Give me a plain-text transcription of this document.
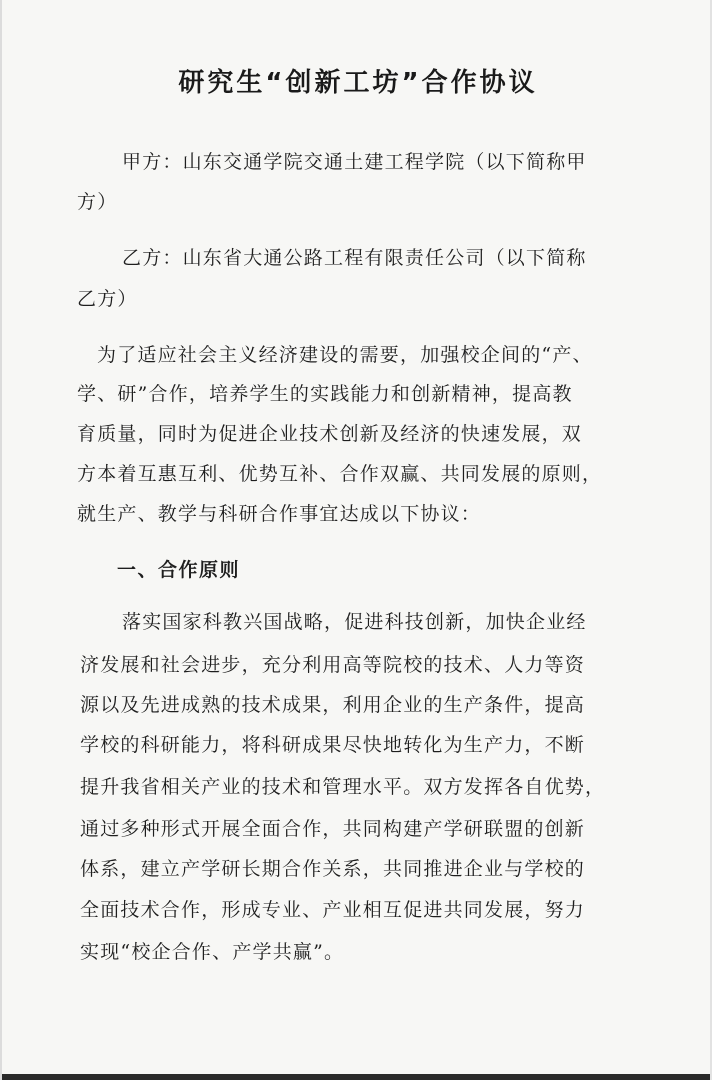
研究生“创新工坊”合作协议
甲方：山东交通学院交通土建工程学院（以下简称甲
方）
乙方：山东省大通公路工程有限责任公司（以下简称
乙方）
为了适应社会主义经济建设的需要，加强校企间的“产、
学、研”合作，培养学生的实践能力和创新精神，提高教
育质量，同时为促进企业技术创新及经济的快速发展，双
方本着互惠互利、优势互补、合作双赢、共同发展的原则，
就生产、教学与科研合作事宜达成以下协议：
一、合作原则
落实国家科教兴国战略，促进科技创新，加快企业经
济发展和社会进步，充分利用高等院校的技术、人力等资
源以及先进成熟的技术成果，利用企业的生产条件，提高
学校的科研能力，将科研成果尽快地转化为生产力，不断
提升我省相关产业的技术和管理水平。双方发挥各自优势，
通过多种形式开展全面合作，共同构建产学研联盟的创新
体系，建立产学研长期合作关系，共同推进企业与学校的
全面技术合作，形成专业、产业相互促进共同发展，努力
实现“校企合作、产学共赢”。
